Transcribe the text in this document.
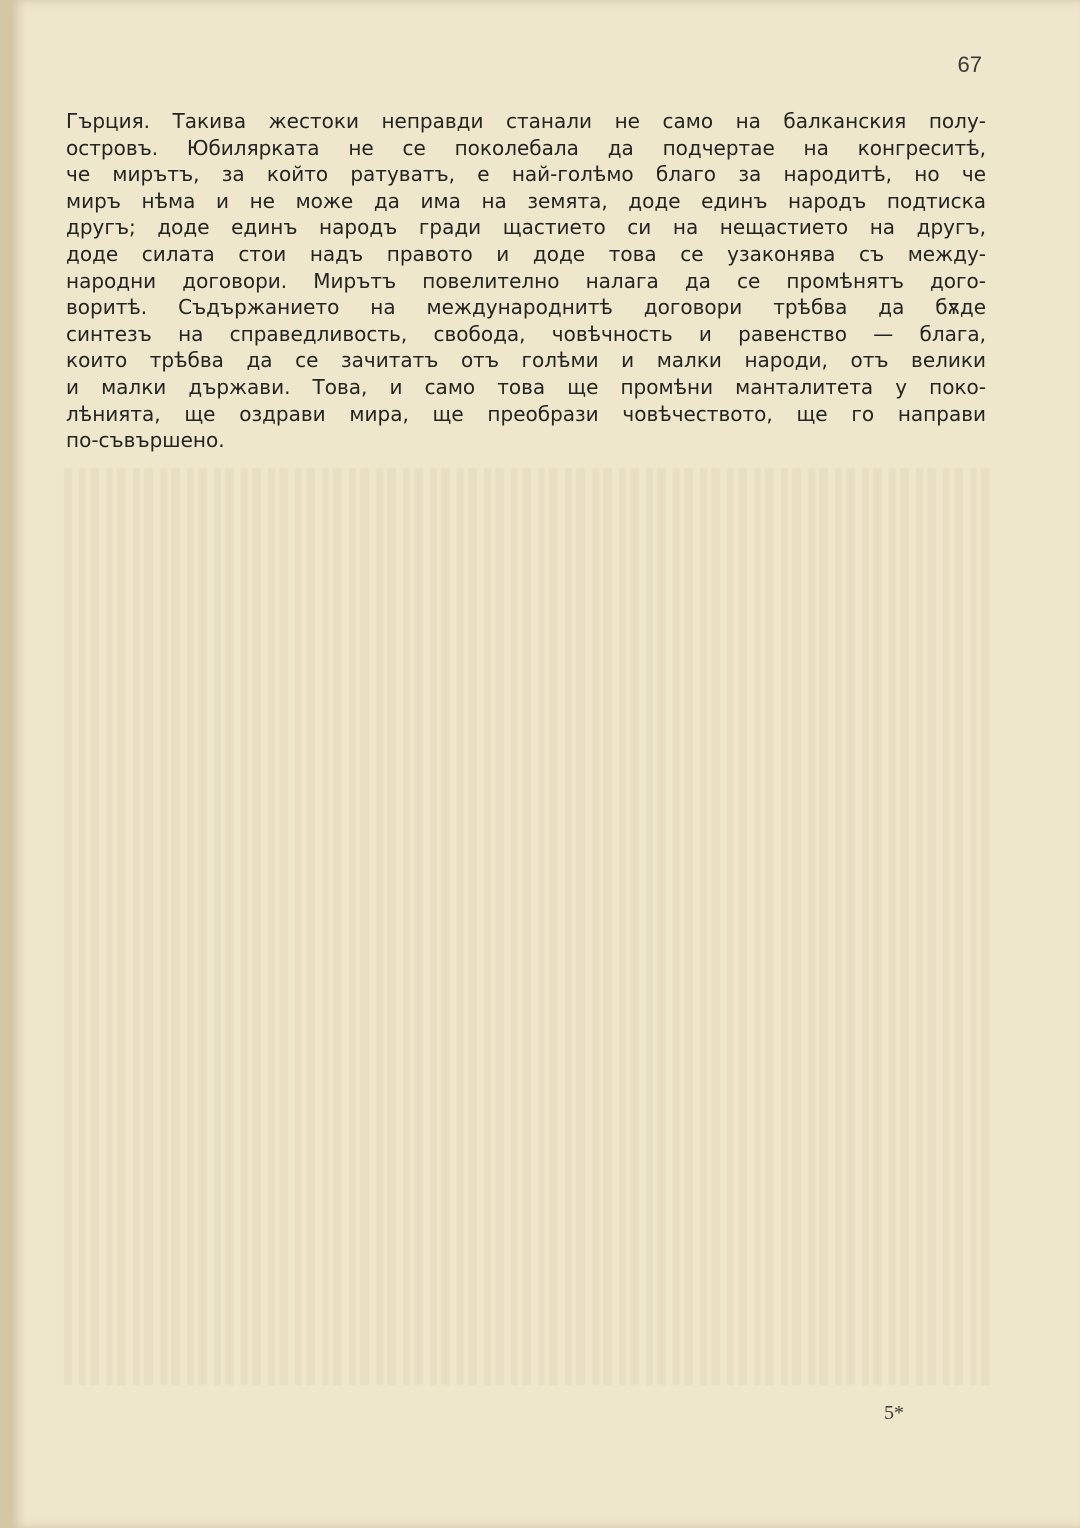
67
Гърция. Такива жестоки неправди станали не само на балканския полу-
островъ. Юбилярката не се поколебала да подчертае на конгреситѣ,
че мирътъ, за който ратуватъ, е най-голѣмо благо за народитѣ, но че
миръ нѣма и не може да има на земята, доде единъ народъ подтиска
другъ; доде единъ народъ гради щастието си на нещастието на другъ,
доде силата стои надъ правото и доде това се узаконява съ между-
народни договори. Мирътъ повелително налага да се промѣнятъ дого-
воритѣ. Съдържанието на международнитѣ договори трѣбва да бѫде
синтезъ на справедливость, свобода, човѣчность и равенство — блага,
които трѣбва да се зачитатъ отъ голѣми и малки народи, отъ велики
и малки държави. Това, и само това ще промѣни манталитета у поко-
лѣнията, ще оздрави мира, ще преобрази човѣчеството, ще го направи
по-съвършено.
5*
